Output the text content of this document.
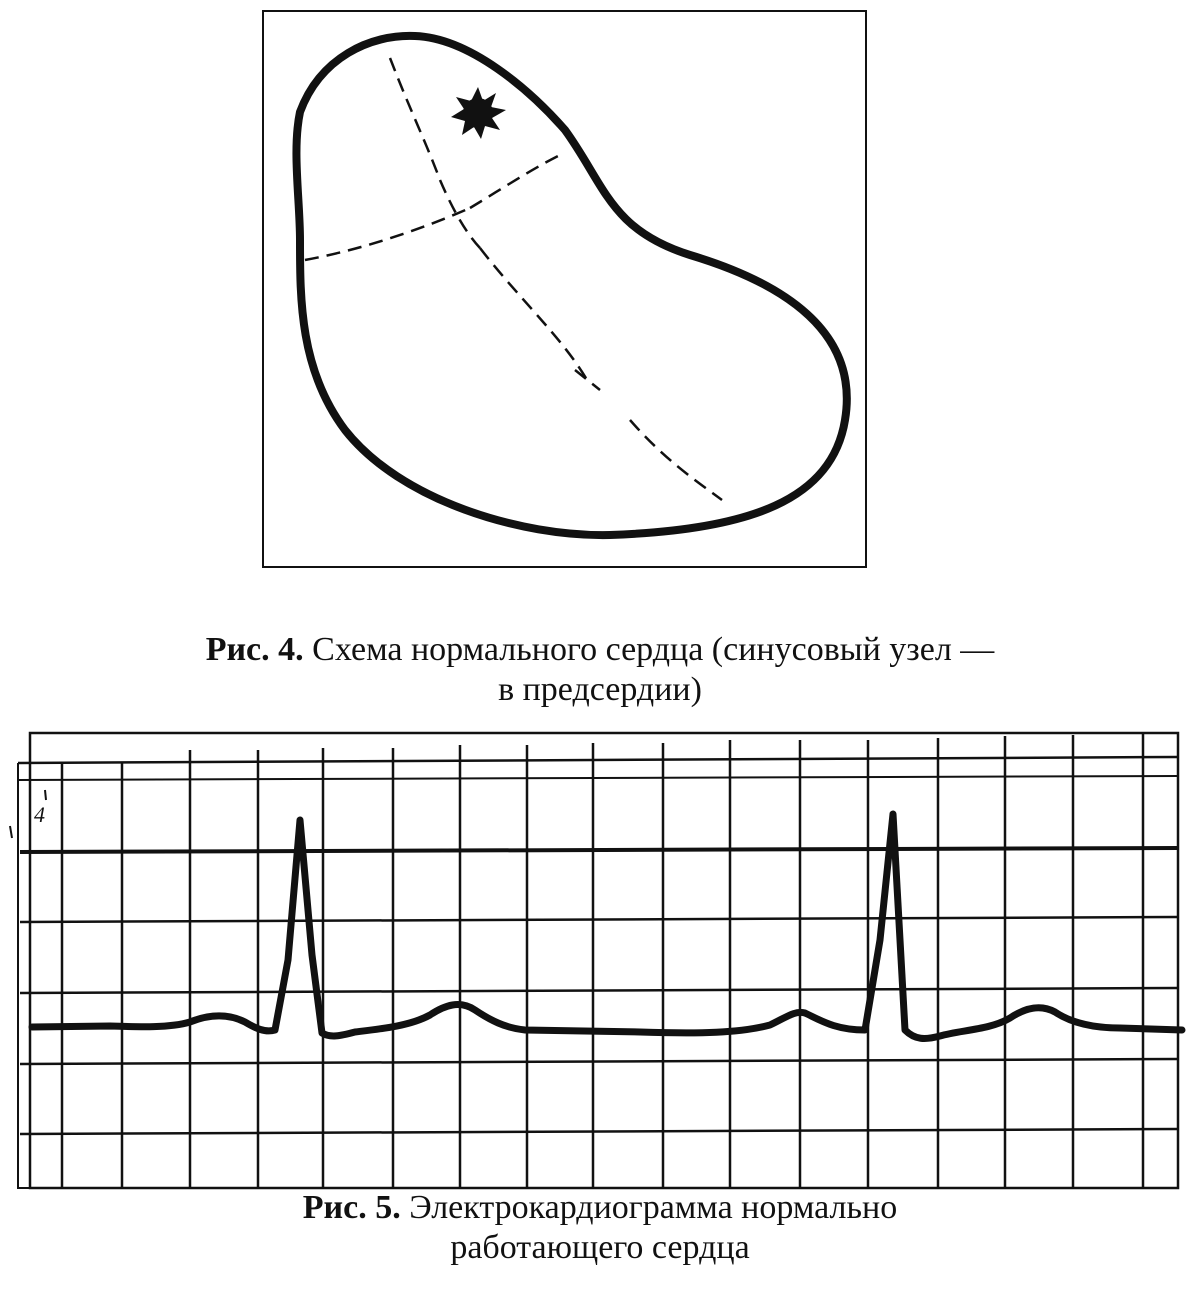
4
Рис. 4. Схема нормального сердца (синусовый узел —
в предсердии)
Рис. 5. Электрокардиограмма нормально
работающего сердца
